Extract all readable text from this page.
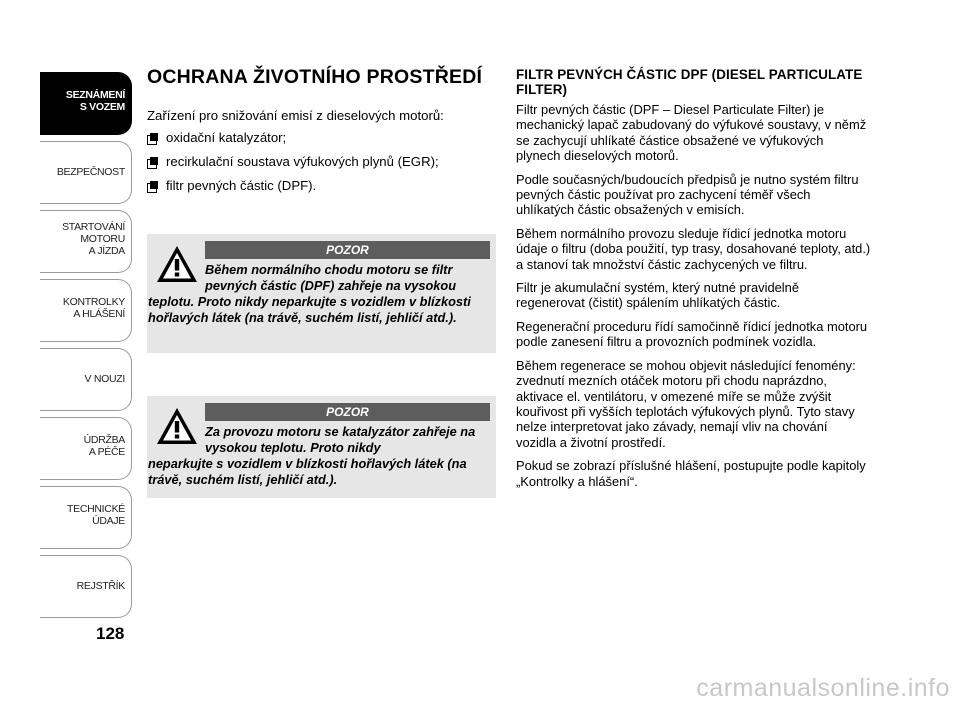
SEZNÁMENÍ
S VOZEM
BEZPEČNOST
STARTOVÁNÍ
MOTORU
A JÍZDA
KONTROLKY
A HLÁŠENÍ
V NOUZI
ÚDRŽBA
A PÉČE
TECHNICKÉ
ÚDAJE
REJSTŘÍK
128
OCHRANA ŽIVOTNÍHO PROSTŘEDÍ
Zařízení pro snižování emisí z dieselových motorů:
oxidační katalyzátor;
recirkulační soustava výfukových plynů (EGR);
filtr pevných částic (DPF).
POZOR
Během normálního chodu motoru se filtr pevných částic (DPF) zahřeje na vysokou
teplotu. Proto nikdy neparkujte s vozidlem v blízkosti hořlavých látek (na trávě, suchém listí, jehličí atd.).
POZOR
Za provozu motoru se katalyzátor zahřeje na vysokou teplotu. Proto nikdy
neparkujte s vozidlem v blízkosti hořlavých látek (na trávě, suchém listí, jehličí atd.).
FILTR PEVNÝCH ČÁSTIC DPF (DIESEL PARTICULATE FILTER)

Filtr pevných částic (DPF – Diesel Particulate Filter) je mechanický lapač zabudovaný do výfukové soustavy, v němž se zachycují uhlíkaté částice obsažené ve výfukových plynech dieselových motorů.

Podle současných/budoucích předpisů je nutno systém filtru pevných částic používat pro zachycení téměř všech uhlíkatých částic obsažených v emisích.

Během normálního provozu sleduje řídicí jednotka motoru údaje o filtru (doba použití, typ trasy, dosahované teploty, atd.) a stanoví tak množství částic zachycených ve filtru.

Filtr je akumulační systém, který nutné pravidelně regenerovat (čistit) spálením uhlíkatých částic.

Regenerační proceduru řídí samočinně řídicí jednotka motoru podle zanesení filtru a provozních podmínek vozidla.

Během regenerace se mohou objevit následující fenomény: zvednutí mezních otáček motoru při chodu naprázdno, aktivace el. ventilátoru, v omezené míře se může zvýšit kouřivost při vyšších teplotách výfukových plynů. Tyto stavy nelze interpretovat jako závady, nemají vliv na chování vozidla a životní prostředí.

Pokud se zobrazí příslušné hlášení, postupujte podle kapitoly „Kontrolky a hlášení“.

carmanualsonline.info
